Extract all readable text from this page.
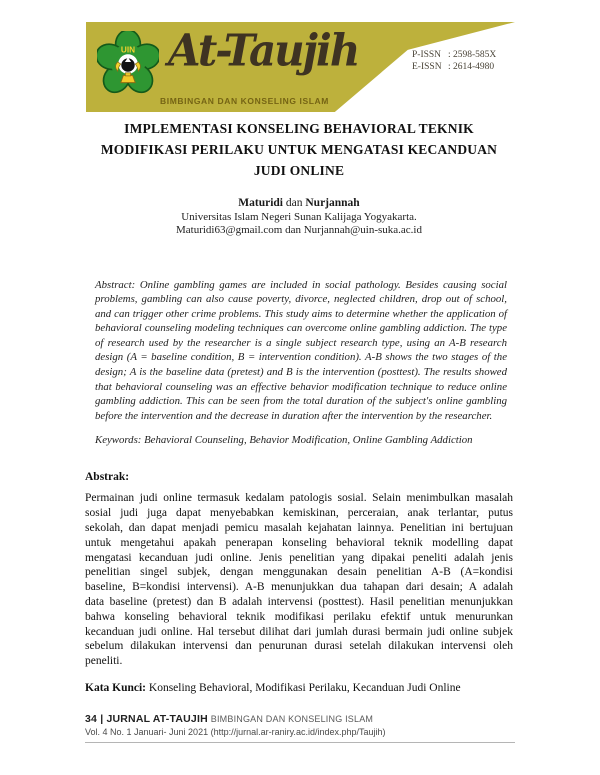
UIN At-Taujih
BIMBINGAN DAN KONSELING ISLAM
P-ISSN : 2598-585X
E-ISSN : 2614-4980
IMPLEMENTASI KONSELING BEHAVIORAL TEKNIK MODIFIKASI PERILAKU UNTUK MENGATASI KECANDUAN JUDI ONLINE
Maturidi dan Nurjannah
Universitas Islam Negeri Sunan Kalijaga Yogyakarta.
Maturidi63@gmail.com dan Nurjannah@uin-suka.ac.id

Abstract: Online gambling games are included in social pathology. Besides causing social problems, gambling can also cause poverty, divorce, neglected children, drop out of school, and can trigger other crime problems. This study aims to determine whether the application of behavioral counseling modeling techniques can overcome online gambling addiction. The type of research used by the researcher is a single subject research type, using an A-B research design (A = baseline condition, B = intervention condition). A-B shows the two stages of the design; A is the baseline data (pretest) and B is the intervention (posttest). The results showed that behavioral counseling was an effective behavior modification technique to reduce online gambling addiction. This can be seen from the total duration of the subject's online gambling before the intervention and the decrease in duration after the intervention by the researcher.

Keywords: Behavioral Counseling, Behavior Modification, Online Gambling Addiction

Abstrak:

Permainan judi online termasuk kedalam patologis sosial. Selain menimbulkan masalah sosial judi juga dapat menyebabkan kemiskinan, perceraian, anak terlantar, putus sekolah, dan dapat menjadi pemicu masalah kejahatan lainnya. Penelitian ini bertujuan untuk mengetahui apakah penerapan konseling behavioral teknik modelling dapat mengatasi kecanduan judi online. Jenis penelitian yang dipakai peneliti adalah jenis penelitian singel subjek, dengan menggunakan desain penelitian A-B (A=kondisi baseline, B=kondisi intervensi). A-B menunjukkan dua tahapan dari desain; A adalah data baseline (pretest) dan B adalah intervensi (posttest). Hasil penelitian menunjukkan bahwa konseling behavioral teknik modifikasi perilaku efektif untuk menurunkan kecanduan judi online. Hal tersebut dilihat dari jumlah durasi bermain judi online subjek sebelum dilakukan intervensi dan penurunan durasi setelah dilakukan intervensi oleh peneliti.

Kata Kunci: Konseling Behavioral, Modifikasi Perilaku, Kecanduan Judi Online

34 | JURNAL AT-TAUJIH BIMBINGAN DAN KONSELING ISLAM
Vol. 4 No. 1 Januari- Juni 2021 (http://jurnal.ar-raniry.ac.id/index.php/Taujih)
